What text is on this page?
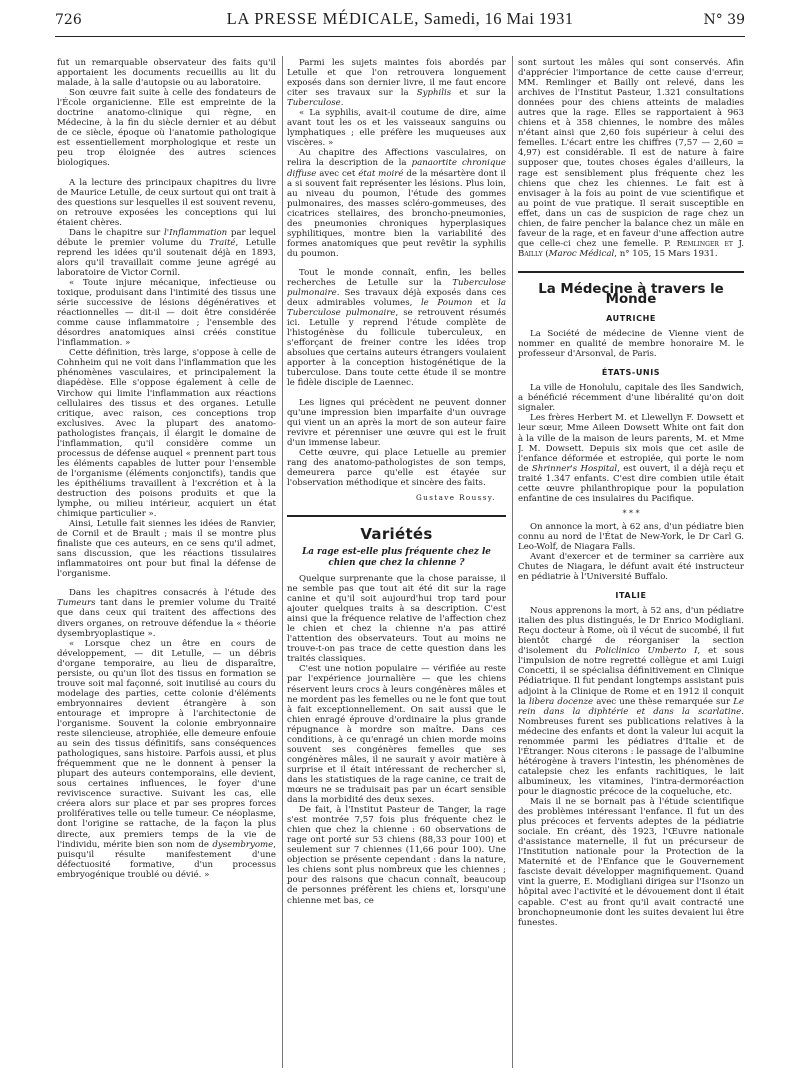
726	LA PRESSE MÉDICALE, Samedi, 16 Mai 1931	N° 39

fut un remarquable observateur des faits qu'il apportaient les documents recueillis au lit du malade, à la salle d'autopsie ou au laboratoire.

Son œuvre fait suite à celle des fondateurs de l'École organicienne. Elle est empreinte de la doctrine anatomo-clinique qui règne, en Médecine, à la fin du siècle dernier et au début de ce siècle, époque où l'anatomie pathologique est essentiellement morphologique et reste un peu trop éloignée des autres sciences biologiques.

A la lecture des principaux chapitres du livre de Maurice Letulle, de ceux surtout qui ont trait à des questions sur lesquelles il est souvent revenu, on retrouve exposées les conceptions qui lui étaient chères.

Dans le chapitre sur l'Inflammation par lequel débute le premier volume du Traité, Letulle reprend les idées qu'il soutenait déjà en 1893, alors qu'il travaillait comme jeune agrégé au laboratoire de Victor Cornil.

« Toute injure mécanique, infectieuse ou toxique, produisant dans l'intimité des tissus une série successive de lésions dégénératives et réactionnelles — dit-il — doit être considérée comme cause inflammatoire ; l'ensemble des désordres anatomiques ainsi créés constitue l'inflammation. »

Cette définition, très large, s'oppose à celle de Cohnheim qui ne voit dans l'inflammation que les phénomènes vasculaires, et principalement la diapédèse. Elle s'oppose également à celle de Virchow qui limite l'inflammation aux réactions cellulaires des tissus et des organes. Letulle critique, avec raison, ces conceptions trop exclusives. Avec la plupart des anatomo-pathologistes français, il élargit le domaine de l'inflammation, qu'il considère comme un processus de défense auquel « prennent part tous les éléments capables de lutter pour l'ensemble de l'organisme (éléments conjonctifs), tandis que les épithéliums travaillent à l'excrétion et à la destruction des poisons produits et que la lymphe, ou milieu intérieur, acquiert un état chimique particulier ».

Ainsi, Letulle fait siennes les idées de Ranvier, de Cornil et de Brault ; mais il se montre plus finaliste que ces auteurs, en ce sens qu'il admet, sans discussion, que les réactions tissulaires inflammatoires ont pour but final la défense de l'organisme.

Dans les chapitres consacrés à l'étude des Tumeurs tant dans le premier volume du Traité que dans ceux qui traitent des affections des divers organes, on retrouve défendue la « théorie dysembryoplastique ».

« Lorsque chez un être en cours de développement, — dit Letulle, — un débris d'organe temporaire, au lieu de disparaître, persiste, ou qu'un îlot des tissus en formation se trouve soit mal façonné, soit inutilisé au cours du modelage des parties, cette colonie d'éléments embryonnaires devient étrangère à son entourage et impropre à l'architectonie de l'organisme. Souvent la colonie embryonnaire reste silencieuse, atrophiée, elle demeure enfouie au sein des tissus définitifs, sans conséquences pathologiques, sans histoire. Parfois aussi, et plus fréquemment que ne le donnent à penser la plupart des auteurs contemporains, elle devient, sous certaines influences, le foyer d'une reviviscence suractive. Suivant les cas, elle créera alors sur place et par ses propres forces prolifératives telle ou telle tumeur. Ce néoplasme, dont l'origine se rattache, de la façon la plus directe, aux premiers temps de la vie de l'individu, mérite bien son nom de dysembryome, puisqu'il résulte manifestement d'une défectuosité formative, d'un processus embryogénique troublé ou dévié. »

Parmi les sujets maintes fois abordés par Letulle et que l'on retrouvera longuement exposés dans son dernier livre, il me faut encore citer ses travaux sur la Syphilis et sur la Tuberculose.

« La syphilis, avait-il coutume de dire, aime avant tout les os et les vaisseaux sanguins ou lymphatiques ; elle préfère les muqueuses aux viscères. »

Au chapitre des Affections vasculaires, on relira la description de la panaortite chronique diffuse avec cet état moiré de la mésartère dont il a si souvent fait représenter les lésions. Plus loin, au niveau du poumon, l'étude des gommes pulmonaires, des masses scléro-gommeuses, des cicatrices stellaires, des broncho-pneumonies, des pneumonies chroniques hyperplasiques syphilitiques, montre bien la variabilité des formes anatomiques que peut revêtir la syphilis du poumon.

Tout le monde connaît, enfin, les belles recherches de Letulle sur la Tuberculose pulmonaire. Ses travaux déjà exposés dans ces deux admirables volumes, le Poumon et la Tuberculose pulmonaire, se retrouvent résumés ici. Letulle y reprend l'étude complète de l'histogénèse du follicule tuberculeux, en s'efforçant de freiner contre les idées trop absolues que certains auteurs étrangers voulaient apporter à la conception histogénétique de la tuberculose. Dans toute cette étude il se montre le fidèle disciple de Laennec.

Les lignes qui précèdent ne peuvent donner qu'une impression bien imparfaite d'un ouvrage qui vient un an après la mort de son auteur faire revivre et pérenniser une œuvre qui est le fruit d'un immense labeur.

Cette œuvre, qui place Letuelle au premier rang des anatomo-pathologistes de son temps, demeurera parce qu'elle est étayée sur l'observation méthodique et sincère des faits.

Gustave Roussy.
Variétés
La rage est-elle plus fréquente chez le chien que chez la chienne ?

Quelque surprenante que la chose paraisse, il ne semble pas que tout ait été dit sur la rage canine et qu'il soit aujourd'hui trop tard pour ajouter quelques traits à sa description. C'est ainsi que la fréquence relative de l'affection chez le chien et chez la chienne n'a pas attiré l'attention des observateurs. Tout au moins ne trouve-t-on pas trace de cette question dans les traités classiques.

C'est une notion populaire — vérifiée au reste par l'expérience journalière — que les chiens réservent leurs crocs à leurs congénères mâles et ne mordent pas les femelles ou ne le font que tout à fait exceptionnellement. On sait aussi que le chien enragé éprouve d'ordinaire la plus grande répugnance à mordre son maître. Dans ces conditions, à ce qu'enragé un chien morde moins souvent ses congénères femelles que ses congénères mâles, il ne saurait y avoir matière à surprise et il était intéressant de rechercher si, dans les statistiques de la rage canine, ce trait de mœurs ne se traduisait pas par un écart sensible dans la morbidité des deux sexes.

De fait, à l'Institut Pasteur de Tanger, la rage s'est montrée 7,57 fois plus fréquente chez le chien que chez la chienne : 60 observations de rage ont porté sur 53 chiens (88,33 pour 100) et seulement sur 7 chiennes (11,66 pour 100). Une objection se présente cependant : dans la nature, les chiens sont plus nombreux que les chiennes ; pour des raisons que chacun connaît, beaucoup de personnes préfèrent les chiens et, lorsqu'une chienne met bas, ce

sont surtout les mâles qui sont conservés. Afin d'apprécier l'importance de cette cause d'erreur, MM. Remlinger et Bailly ont relevé, dans les archives de l'Institut Pasteur, 1.321 consultations données pour des chiens atteints de maladies autres que la rage. Elles se rapportaient à 963 chiens et à 358 chiennes, le nombre des mâles n'étant ainsi que 2,60 fois supérieur à celui des femelles. L'écart entre les chiffres (7,57 — 2,60 = 4,97) est considérable. Il est de nature à faire supposer que, toutes choses égales d'ailleurs, la rage est sensiblement plus fréquente chez les chiens que chez les chiennes. Le fait est à envisager à la fois au point de vue scientifique et au point de vue pratique. Il serait susceptible en effet, dans un cas de suspicion de rage chez un chien, de faire pencher la balance chez un mâle en faveur de la rage, et en faveur d'une affection autre que celle-ci chez une femelle. P. Remlinger et J. Bailly (Maroc Médical, n° 105, 15 Mars 1931.

La Médecine à travers le Monde
AUTRICHE

La Société de médecine de Vienne vient de nommer en qualité de membre honoraire M. le professeur d'Arsonval, de Paris.

ÉTATS-UNIS

La ville de Honolulu, capitale des îles Sandwich, a bénéficié récemment d'une libéralité qu'on doit signaler.

Les frères Herbert M. et Llewellyn F. Dowsett et leur sœur, Mme Aileen Dowsett White ont fait don à la ville de la maison de leurs parents, M. et Mme J. M. Dowsett. Depuis six mois que cet asile de l'enfance déformée et estropiée, qui porte le nom de Shrinner's Hospital, est ouvert, il a déjà reçu et traité 1.347 enfants. C'est dire combien utile était cette œuvre philanthropique pour la population enfantine de ces insulaires du Pacifique.

* * *

On annonce la mort, à 62 ans, d'un pédiatre bien connu au nord de l'État de New-York, le Dr Carl G. Leo-Wolf, de Niagara Falls.

Avant d'exercer et de terminer sa carrière aux Chutes de Niagara, le défunt avait été instructeur en pédiatrie à l'Université Buffalo.

ITALIE

Nous apprenons la mort, à 52 ans, d'un pédiatre italien des plus distingués, le Dr Enrico Modigliani. Reçu docteur à Rome, où il vécut de sucombé, il fut bientôt chargé de réorganiser la section d'isolement du Policlinico Umberto I, et sous l'impulsion de notre regretté collègue et ami Luigi Concetti, il se spécialisa définitivement en Clinique Pédiatrique. Il fut pendant longtemps assistant puis adjoint à la Clinique de Rome et en 1912 il conquit la libera docenze avec une thèse remarquée sur Le rein dans la diphtérie et dans la scarlatine. Nombreuses furent ses publications relatives à la médecine des enfants et dont la valeur lui acquit la renommée parmi les pédiatres d'Italie et de l'Étranger. Nous citerons : le passage de l'albumine hétérogène à travers l'intestin, les phénomènes de catalepsie chez les enfants rachitiques, le lait albumineux, les vitamines, l'intra-dermoréaction pour le diagnostic précoce de la coqueluche, etc.

Mais il ne se bornait pas à l'étude scientifique des problèmes intéressant l'enfance. Il fut un des plus précoces et fervents adeptes de la pédiatrie sociale. En créant, dès 1923, l'Œuvre nationale d'assistance maternelle, il fut un précurseur de l'Institution nationale pour la Protection de la Maternité et de l'Enfance que le Gouvernement fasciste devait développer magnifiquement. Quand vint la guerre, E. Modigliani dirigea sur l'Isonzo un hôpital avec l'activité et le dévouement dont il était capable. C'est au front qu'il avait contracté une bronchopneumonie dont les suites devaient lui être funestes.
